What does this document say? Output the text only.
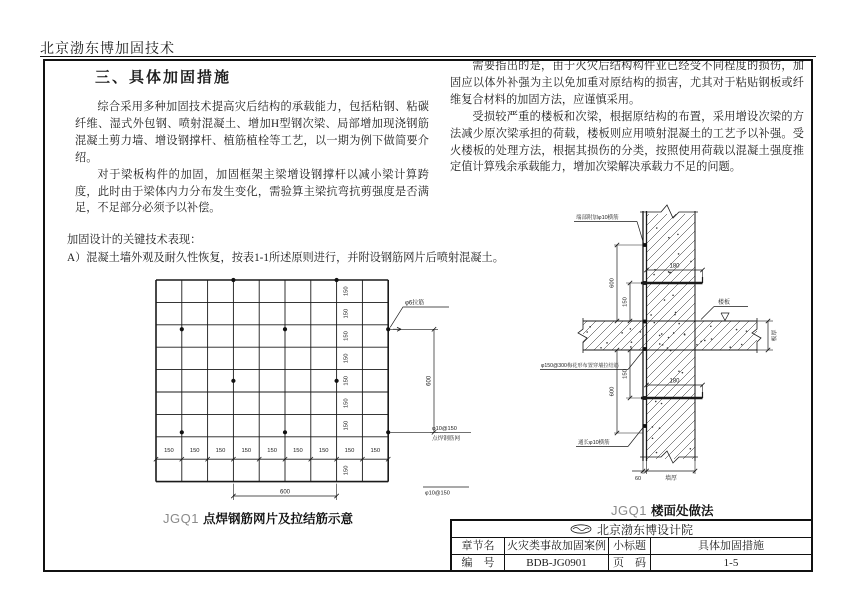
北京渤东博加固技术
三、具体加固措施

综合采用多种加固技术提高灾后结构的承载能力，包括粘钢、粘碳纤维、湿式外包钢、喷射混凝土、增加H型钢次梁、局部增加现浇钢筋混凝土剪力墙、增设钢撑杆、植筋植栓等工艺，以一期为例下做简要介绍。

对于梁板构件的加固，加固框架主梁增设钢撑杆以减小梁计算跨度，此时由于梁体内力分布发生变化，需验算主梁抗弯抗剪强度是否满足，不足部分必须予以补偿。

需要指出的是，由于火灾后结构构件业已经受不同程度的损伤，加固应以体外补强为主以免加重对原结构的损害，尤其对于粘贴钢板或纤维复合材料的加固方法，应谨慎采用。

受损较严重的楼板和次梁，根据原结构的布置，采用增设次梁的方法减少原次梁承担的荷载，楼板则应用喷射混凝土的工艺予以补强。受火楼板的处理方法，根据其损伤的分类，按照使用荷载以混凝土强度推定值计算残余承载能力，增加次梁解决承载力不足的问题。

加固设计的关键技术表现：
A）混凝土墙外观及耐久性恢复，按表1-1所述原则进行，并附设钢筋网片后喷射混凝土。
150	150	150	150	150	150	150	150	150
150
150
150
150
150
150
150
150
φ6拉筋
600
φ10@150
点焊钢筋网
600	φ10@150
JGQ1 点焊钢筋网片及拉结筋示意
180
180
600
150
150
600
板厚
端部附加φ10横筋
φ150@300梅花形布置穿墙拉结筋
通长φ10横筋
楼板
60	墙厚
JGQ1 楼面处做法
北京渤东博设计院
章节名	火灾类事故加固案例 小标题	具体加固措施
编　号	BDB-JG0901	页　码	1-5
